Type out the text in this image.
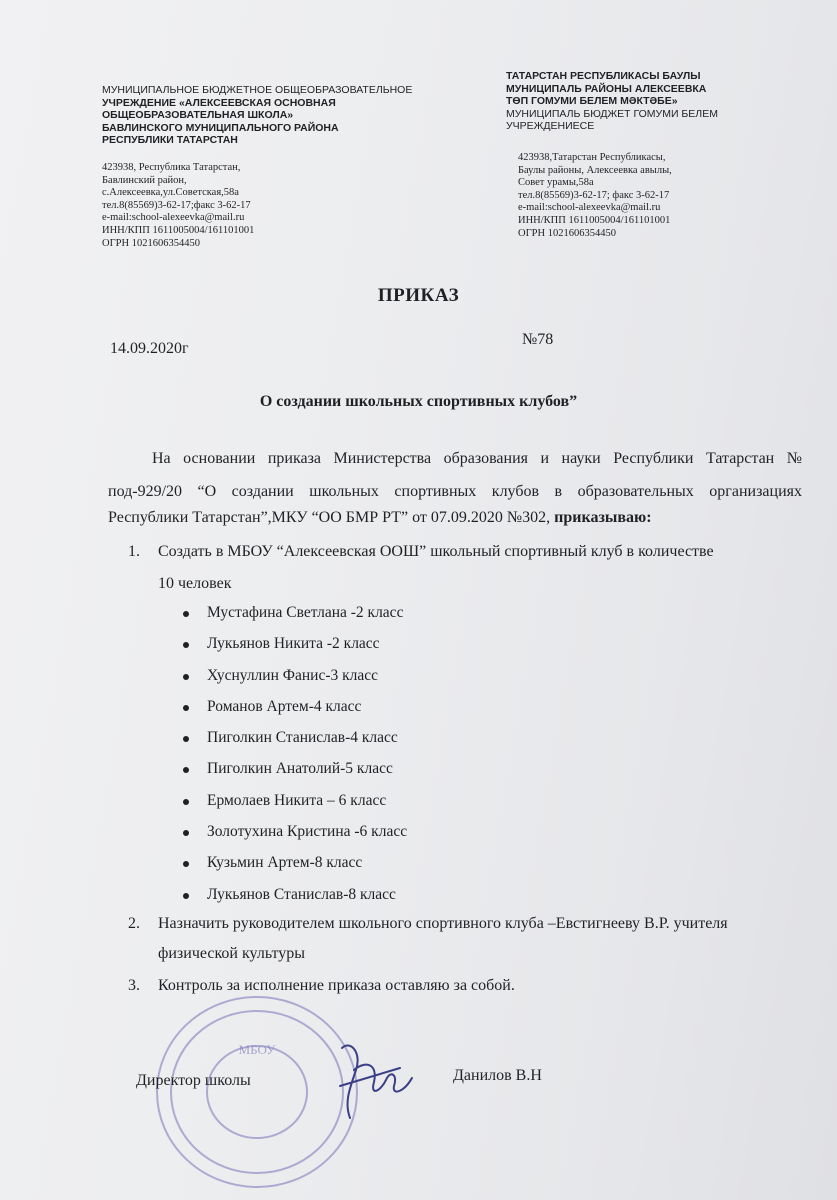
МУНИЦИПАЛЬНОЕ БЮДЖЕТНОЕ ОБЩЕОБРАЗОВАТЕЛЬНОЕ
УЧРЕЖДЕНИЕ «АЛЕКСЕЕВСКАЯ ОСНОВНАЯ
ОБЩЕОБРАЗОВАТЕЛЬНАЯ ШКОЛА»
БАВЛИНСКОГО МУНИЦИПАЛЬНОГО РАЙОНА
РЕСПУБЛИКИ ТАТАРСТАН
423938, Республика Татарстан,
Бавлинский район,
с.Алексеевка,ул.Советская,58а
тел.8(85569)3-62-17;факс 3-62-17
e-mail:school-alexeevka@mail.ru
ИНН/КПП 1611005004/161101001
ОГРН 1021606354450
ТАТАРСТАН РЕСПУБЛИКАСЫ БАУЛЫ
МУНИЦИПАЛЬ РАЙОНЫ АЛЕКСЕЕВКА
ТӨП ГОМУМИ БЕЛЕМ МӘКТӘБЕ»
МУНИЦИПАЛЬ БЮДЖЕТ ГОМУМИ БЕЛЕМ
УЧРЕЖДЕНИЕСЕ
423938,Татарстан Республикасы,
Баулы районы, Алексеевка авылы,
Совет урамы,58а
тел.8(85569)3-62-17; факс 3-62-17
e-mail:school-alexeevka@mail.ru
ИНН/КПП 1611005004/161101001
ОГРН 1021606354450
ПРИКАЗ
14.09.2020г
№78
О создании школьных спортивных клубов”
На основании приказа Министерства образования и науки Республики Татарстан №
под-929/20 “О создании школьных спортивных клубов в образовательных организациях
Республики Татарстан”,МКУ “ОО БМР РТ” от 07.09.2020 №302, приказываю:
1. Создать в МБОУ “Алексеевская ООШ” школьный спортивный клуб в количестве
10 человек
Мустафина Светлана -2 класс
Лукьянов Никита -2 класс
Хуснуллин Фанис-3 класс
Романов Артем-4 класс
Пиголкин Станислав-4 класс
Пиголкин Анатолий-5 класс
Ермолаев Никита – 6 класс
Золотухина Кристина -6 класс
Кузьмин Артем-8 класс
Лукьянов Станислав-8 класс
2. Назначить руководителем школьного спортивного клуба –Евстигнееву В.Р. учителя
физической культуры
3. Контроль за исполнение приказа оставляю за собой.
МБОУ
Директор школы	Данилов В.Н
